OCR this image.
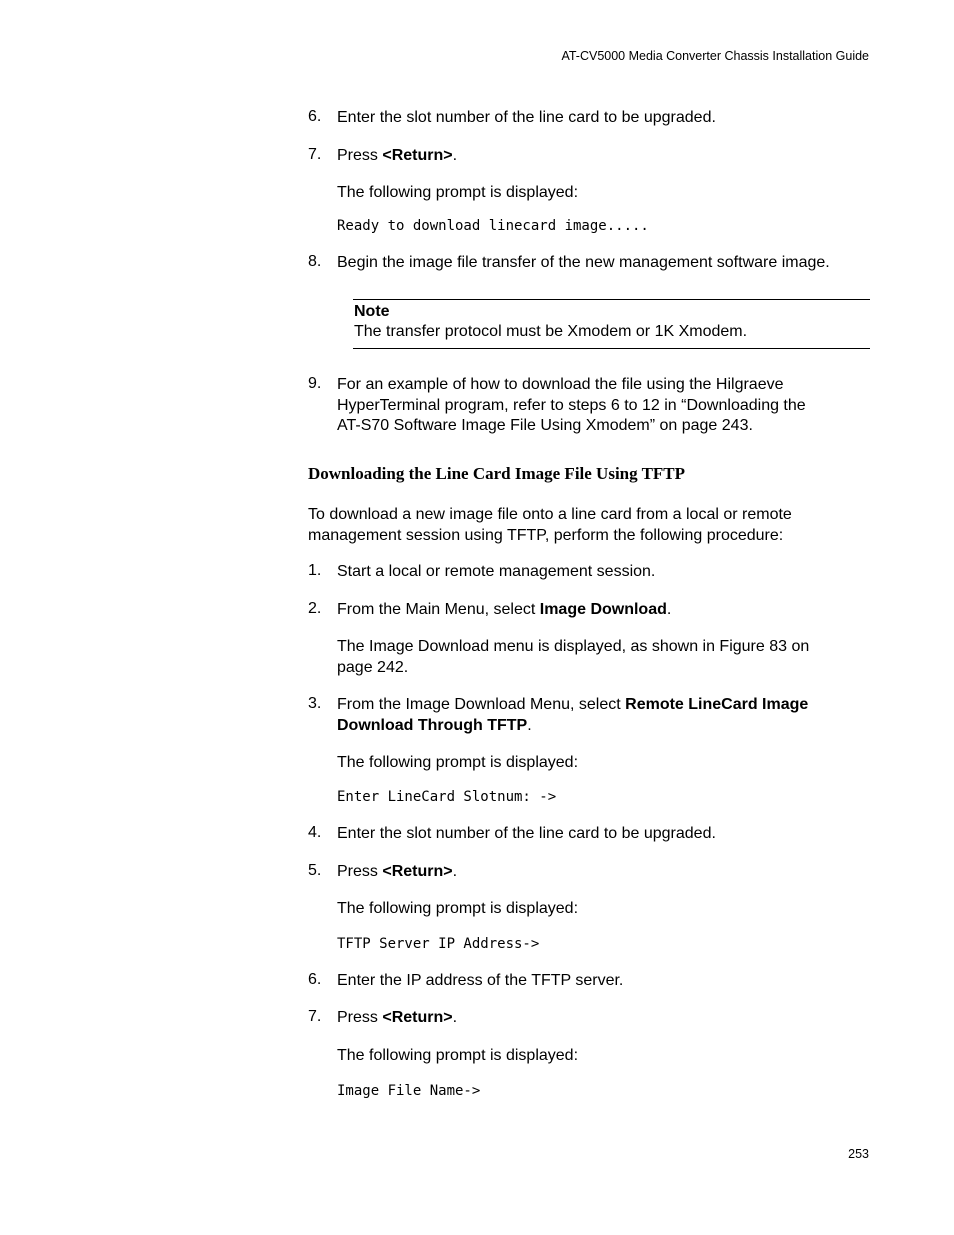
AT-CV5000 Media Converter Chassis Installation Guide
6. Enter the slot number of the line card to be upgraded.
7. Press <Return>.
The following prompt is displayed:
Ready to download linecard image.....
8. Begin the image file transfer of the new management software image.
Note
The transfer protocol must be Xmodem or 1K Xmodem.
9. For an example of how to download the file using the Hilgraeve
HyperTerminal program, refer to steps 6 to 12 in “Downloading the
AT-S70 Software Image File Using Xmodem” on page 243.
Downloading the Line Card Image File Using TFTP
To download a new image file onto a line card from a local or remote
management session using TFTP, perform the following procedure:
1. Start a local or remote management session.
2. From the Main Menu, select Image Download.
The Image Download menu is displayed, as shown in Figure 83 on
page 242.
3. From the Image Download Menu, select Remote LineCard Image
Download Through TFTP.
The following prompt is displayed:
Enter LineCard Slotnum: ->
4. Enter the slot number of the line card to be upgraded.
5. Press <Return>.
The following prompt is displayed:
TFTP Server IP Address->
6. Enter the IP address of the TFTP server.
7. Press <Return>.
The following prompt is displayed:
Image File Name->
253
